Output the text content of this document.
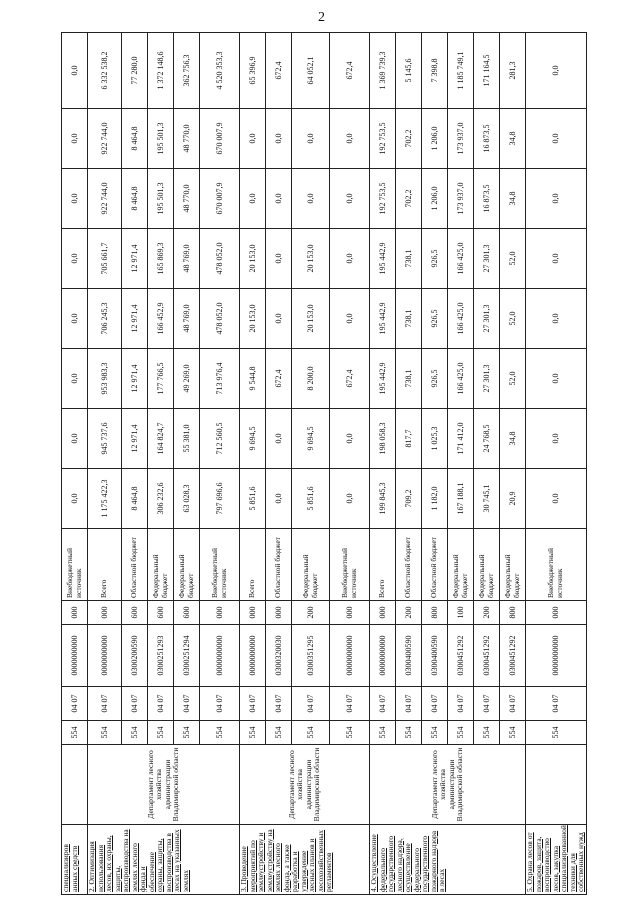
2
специализиров анных средств		554	04 07	0000000000	000	Внебюджетный источник	0,0	0,0	0,0	0,0	0,0	0,0	0,0	0,0
2. Оптимизация использования лесов, их охраны, защиты, воспроизводства на землях лесного фонда и обеспечение охраны, защиты, воспроизводства в лесах на указанных землях	Департамент лесного хозяйства администрации Владимирской области	554	04 07	0000000000	000	Всего	1 175 422,3	945 737,6	953 983,3	706 245,3	705 661,7	922 744,0	922 744,0	6 332 538,2
		554	04 07	0300200590	600	Областной бюджет	8 464,8	12 971,4	12 971,4	12 971,4	12 971,4	8 464,8	8 464,8	77 280,0
		554	04 07	0300251293	600	Федеральный бюджет	306 232,6	164 824,7	177 766,5	166 452,9	165 869,3	195 501,3	195 501,3	1 372 148,6
		554	04 07	0300251294	600	Федеральный бюджет	63 028,3	55 381,0	49 269,0	48 769,0	48 769,0	48 770,0	48 770,0	362 756,3
		554	04 07	0000000000	000	Внебюджетный источник	797 696,6	712 560,5	713 976,4	478 052,0	478 052,0	670 007,9	670 007,9	4 520 353,3
3. Проведение мероприятий по землеустройству и землеустройству на землях лесного фонда, а также разработка и утверждение лесных планов и лесохозяйственных регламентов	Департамент лесного хозяйства администрации Владимирской области	554	04 07	0000000000	000	Всего	5 851,6	9 694,5	9 544,8	20 153,0	20 153,0	0,0	0,0	65 396,9
		554	04 07	0300320030	000	Областной бюджет	0,0	0,0	672,4	0,0	0,0	0,0	0,0	672,4
		554	04 07	0300351295	200	Федеральный бюджет	5 851,6	9 694,5	8 200,0	20 153,0	20 153,0	0,0	0,0	64 052,1
		554	04 07	0000000000	000	Внебюджетный источник	0,0	0,0	672,4	0,0	0,0	0,0	0,0	672,4
4. Осуществление федерального государственного лесного надзора, осуществление федерального государственного пожарного надзора в лесах	Департамент лесного хозяйства администрации Владимирской области	554	04 07	0000000000	000	Всего	199 845,3	198 058,3	195 442,9	195 442,9	195 442,9	192 753,5	192 753,5	1 369 739,3
		554	04 07	0300400590	200	Областной бюджет	709,2	817,7	738,1	738,1	738,1	702,2	702,2	5 145,6
		554	04 07	0300400590	800	Областной бюджет	1 182,0	1 025,3	926,5	926,5	926,5	1 206,0	1 206,0	7 398,8
		554	04 07	0300451292	100	Федеральный бюджет	167 188,1	171 412,0	166 425,0	166 425,0	166 425,0	173 937,0	173 937,0	1 185 749,1
		554	04 07	0300451292	200	Федеральный бюджет	30 745,1	24 768,5	27 301,3	27 301,3	27 301,3	16 873,5	16 873,5	171 164,5
		554	04 07	0300451292	800	Федеральный бюджет	20,9	34,8	52,0	52,0	52,0	34,8	34,8	281,3
5. Охрана лесов от пожаров, защита, воспроизводство лесов, закупка специализированной техники для собственных нужд		554	04 07	0000000000	000	Внебюджетный источник	0,0	0,0	0,0	0,0	0,0	0,0	0,0	0,0
